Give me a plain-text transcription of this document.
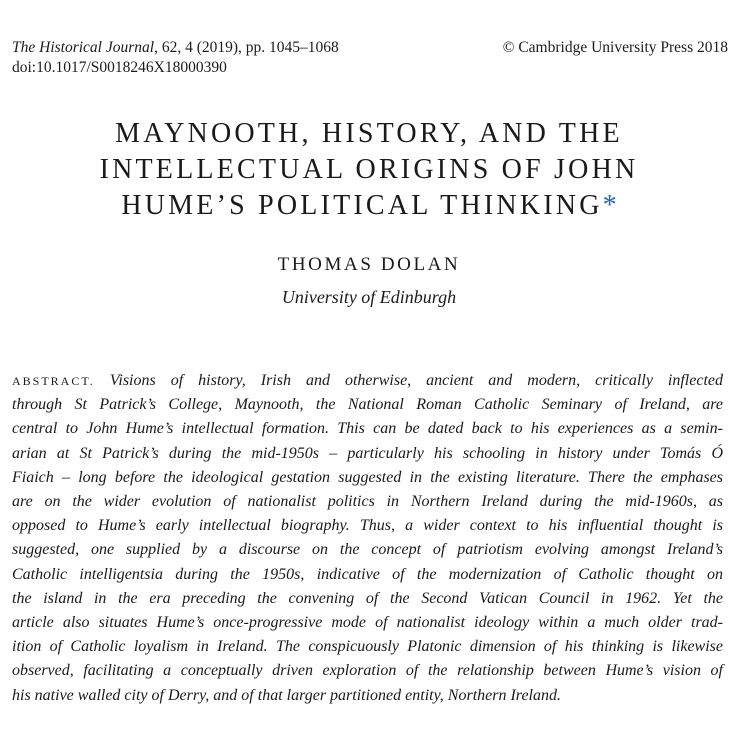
The Historical Journal, 62, 4 (2019), pp. 1045–1068	© Cambridge University Press 2018
doi:10.1017/S0018246X18000390
MAYNOOTH, HISTORY, AND THE
INTELLECTUAL ORIGINS OF JOHN
HUME’S POLITICAL THINKING*
THOMAS DOLAN
University of Edinburgh
ABSTRACT. Visions of history, Irish and otherwise, ancient and modern, critically inflected
through St Patrick’s College, Maynooth, the National Roman Catholic Seminary of Ireland, are
central to John Hume’s intellectual formation. This can be dated back to his experiences as a semin-
arian at St Patrick’s during the mid-1950s – particularly his schooling in history under Tomás Ó
Fiaich – long before the ideological gestation suggested in the existing literature. There the emphases
are on the wider evolution of nationalist politics in Northern Ireland during the mid-1960s, as
opposed to Hume’s early intellectual biography. Thus, a wider context to his influential thought is
suggested, one supplied by a discourse on the concept of patriotism evolving amongst Ireland’s
Catholic intelligentsia during the 1950s, indicative of the modernization of Catholic thought on
the island in the era preceding the convening of the Second Vatican Council in 1962. Yet the
article also situates Hume’s once-progressive mode of nationalist ideology within a much older trad-
ition of Catholic loyalism in Ireland. The conspicuously Platonic dimension of his thinking is likewise
observed, facilitating a conceptually driven exploration of the relationship between Hume’s vision of
his native walled city of Derry, and of that larger partitioned entity, Northern Ireland.
